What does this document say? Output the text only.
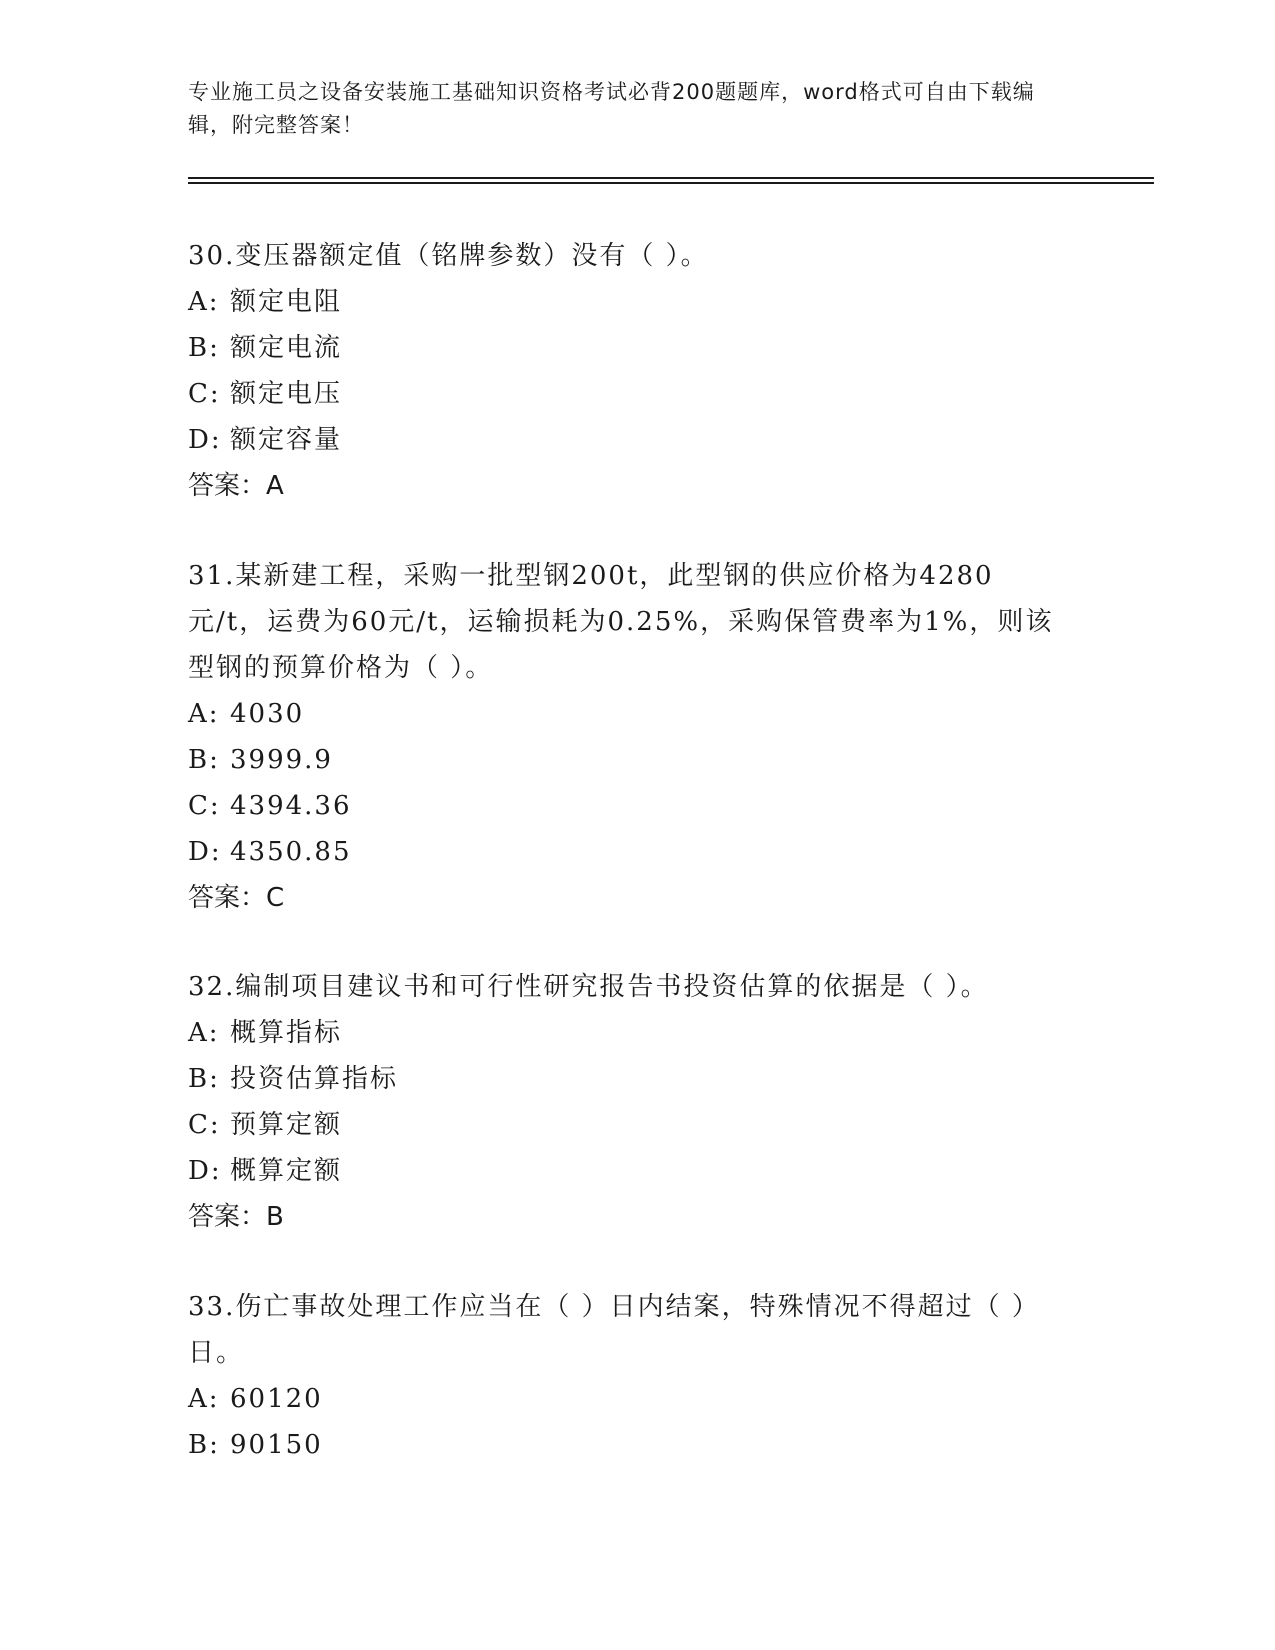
专业施工员之设备安装施工基础知识资格考试必背200题题库，word格式可自由下载编辑，附完整答案！
30.变压器额定值（铭牌参数）没有（ ）。
A: 额定电阻
B: 额定电流
C: 额定电压
D: 额定容量
答案：A
31.某新建工程，采购一批型钢200t，此型钢的供应价格为4280元/t，运费为60元/t，运输损耗为0.25%，采购保管费率为1%，则该型钢的预算价格为（ ）。
A: 4030
B: 3999.9
C: 4394.36
D: 4350.85
答案：C
32.编制项目建议书和可行性研究报告书投资估算的依据是（ ）。
A: 概算指标
B: 投资估算指标
C: 预算定额
D: 概算定额
答案：B
33.伤亡事故处理工作应当在（ ）日内结案，特殊情况不得超过（ ）日。
A: 60120
B: 90150
